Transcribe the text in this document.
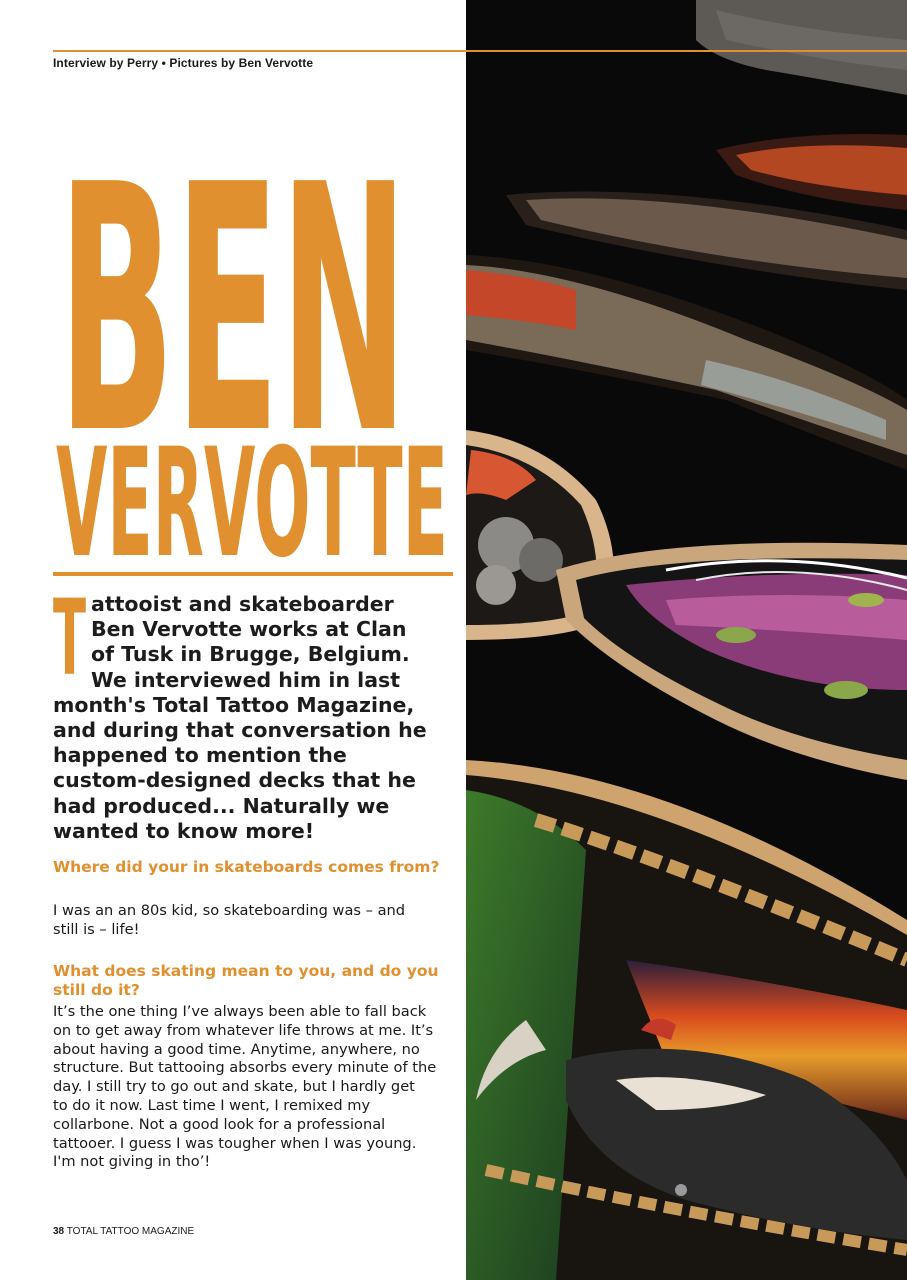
Interview by Perry • Pictures by Ben Vervotte
BEN
VERVOTTE
T attooist and skateboarder
Ben Vervotte works at Clan
of Tusk in Brugge, Belgium.
We interviewed him in last
month's Total Tattoo Magazine,
and during that conversation he
happened to mention the
custom-designed decks that he
had produced... Naturally we
wanted to know more!
Where did your in skateboards comes from?
I was an an 80s kid, so skateboarding was – and
still is – life!
What does skating mean to you, and do you still do it?
It’s the one thing I’ve always been able to fall back
on to get away from whatever life throws at me. It’s
about having a good time. Anytime, anywhere, no
structure. But tattooing absorbs every minute of the
day. I still try to go out and skate, but I hardly get
to do it now. Last time I went, I remixed my
collarbone. Not a good look for a professional
tattooer. I guess I was tougher when I was young.
I'm not giving in tho’!
38 TOTAL TATTOO MAGAZINE
